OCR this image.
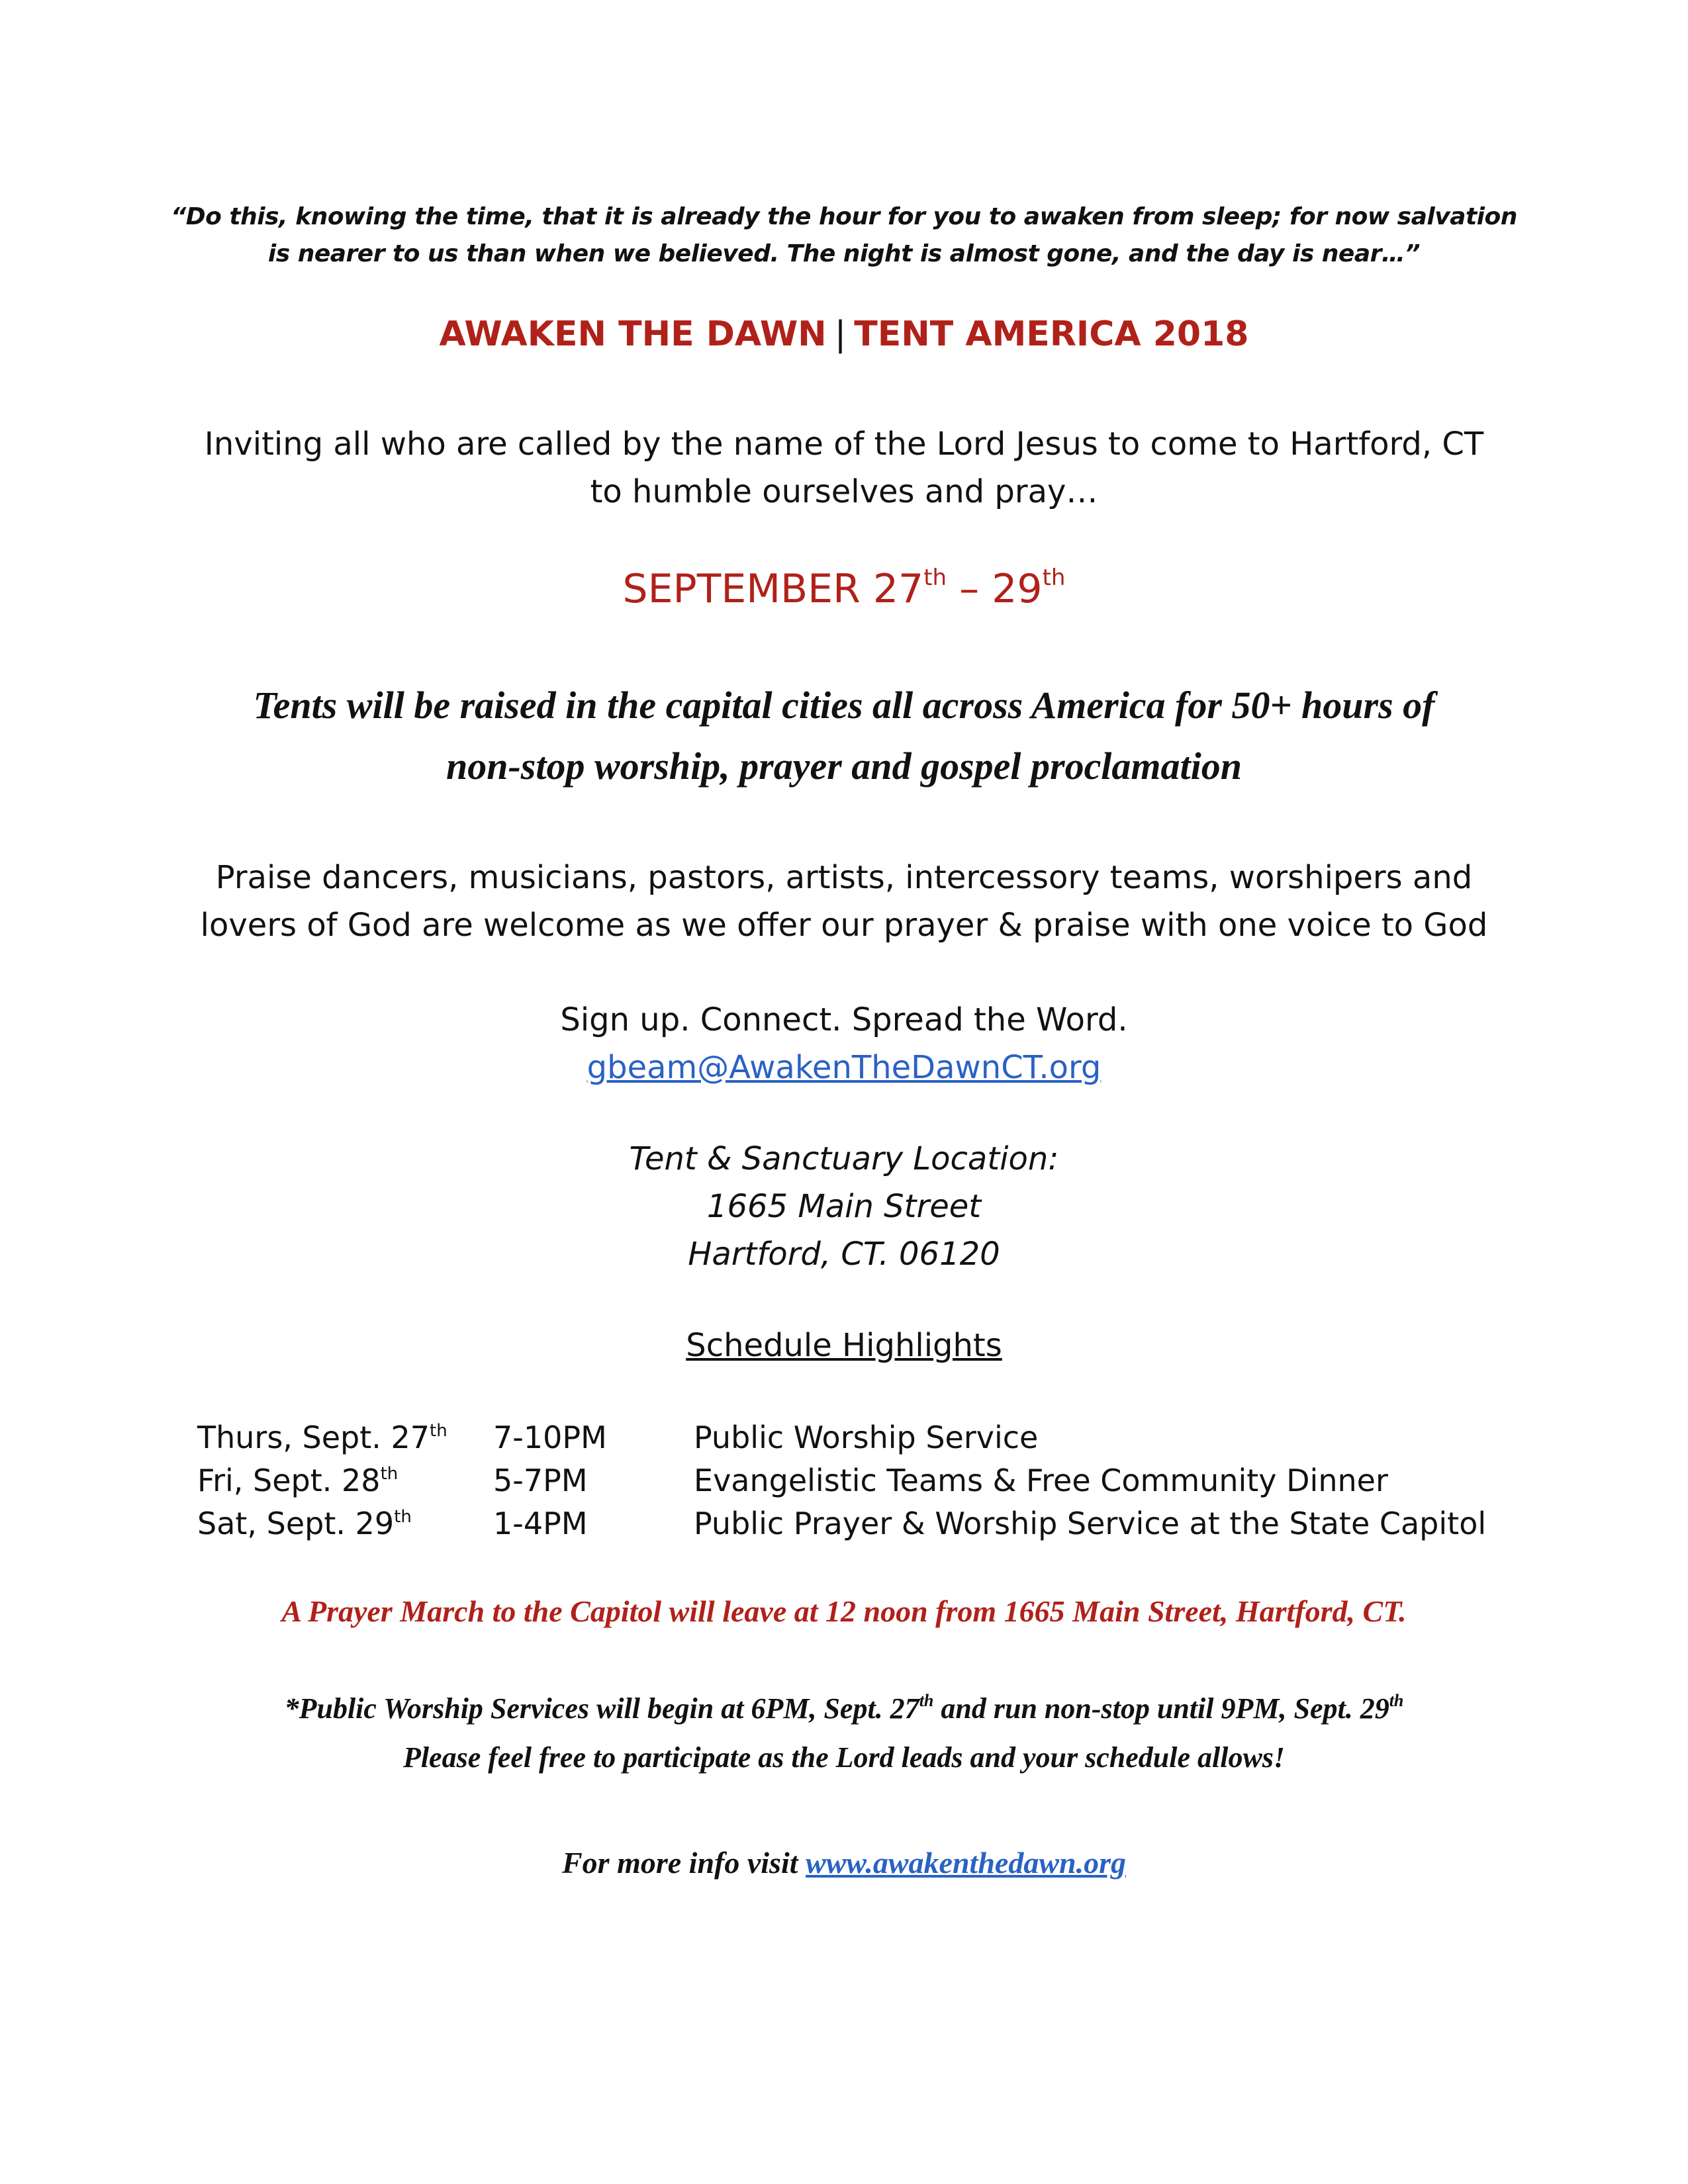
“Do this, knowing the time, that it is already the hour for you to awaken from sleep; for now salvation
is nearer to us than when we believed. The night is almost gone, and the day is near…”
AWAKEN THE DAWN | TENT AMERICA 2018
Inviting all who are called by the name of the Lord Jesus to come to Hartford, CT
to humble ourselves and pray…
SEPTEMBER 27th – 29th
Tents will be raised in the capital cities all across America for 50+ hours of
non-stop worship, prayer and gospel proclamation
Praise dancers, musicians, pastors, artists, intercessory teams, worshipers and
lovers of God are welcome as we offer our prayer & praise with one voice to God
Sign up. Connect. Spread the Word.
gbeam@AwakenTheDawnCT.org
Tent & Sanctuary Location:
1665 Main Street
Hartford, CT. 06120
Schedule Highlights
Thurs, Sept. 27th 7-10PM	Public Worship Service
Fri, Sept. 28th	5-7PM	Evangelistic Teams & Free Community Dinner
Sat, Sept. 29th	1-4PM	Public Prayer & Worship Service at the State Capitol
A Prayer March to the Capitol will leave at 12 noon from 1665 Main Street, Hartford, CT.
*Public Worship Services will begin at 6PM, Sept. 27th and run non-stop until 9PM, Sept. 29th
Please feel free to participate as the Lord leads and your schedule allows!
For more info visit www.awakenthedawn.org
